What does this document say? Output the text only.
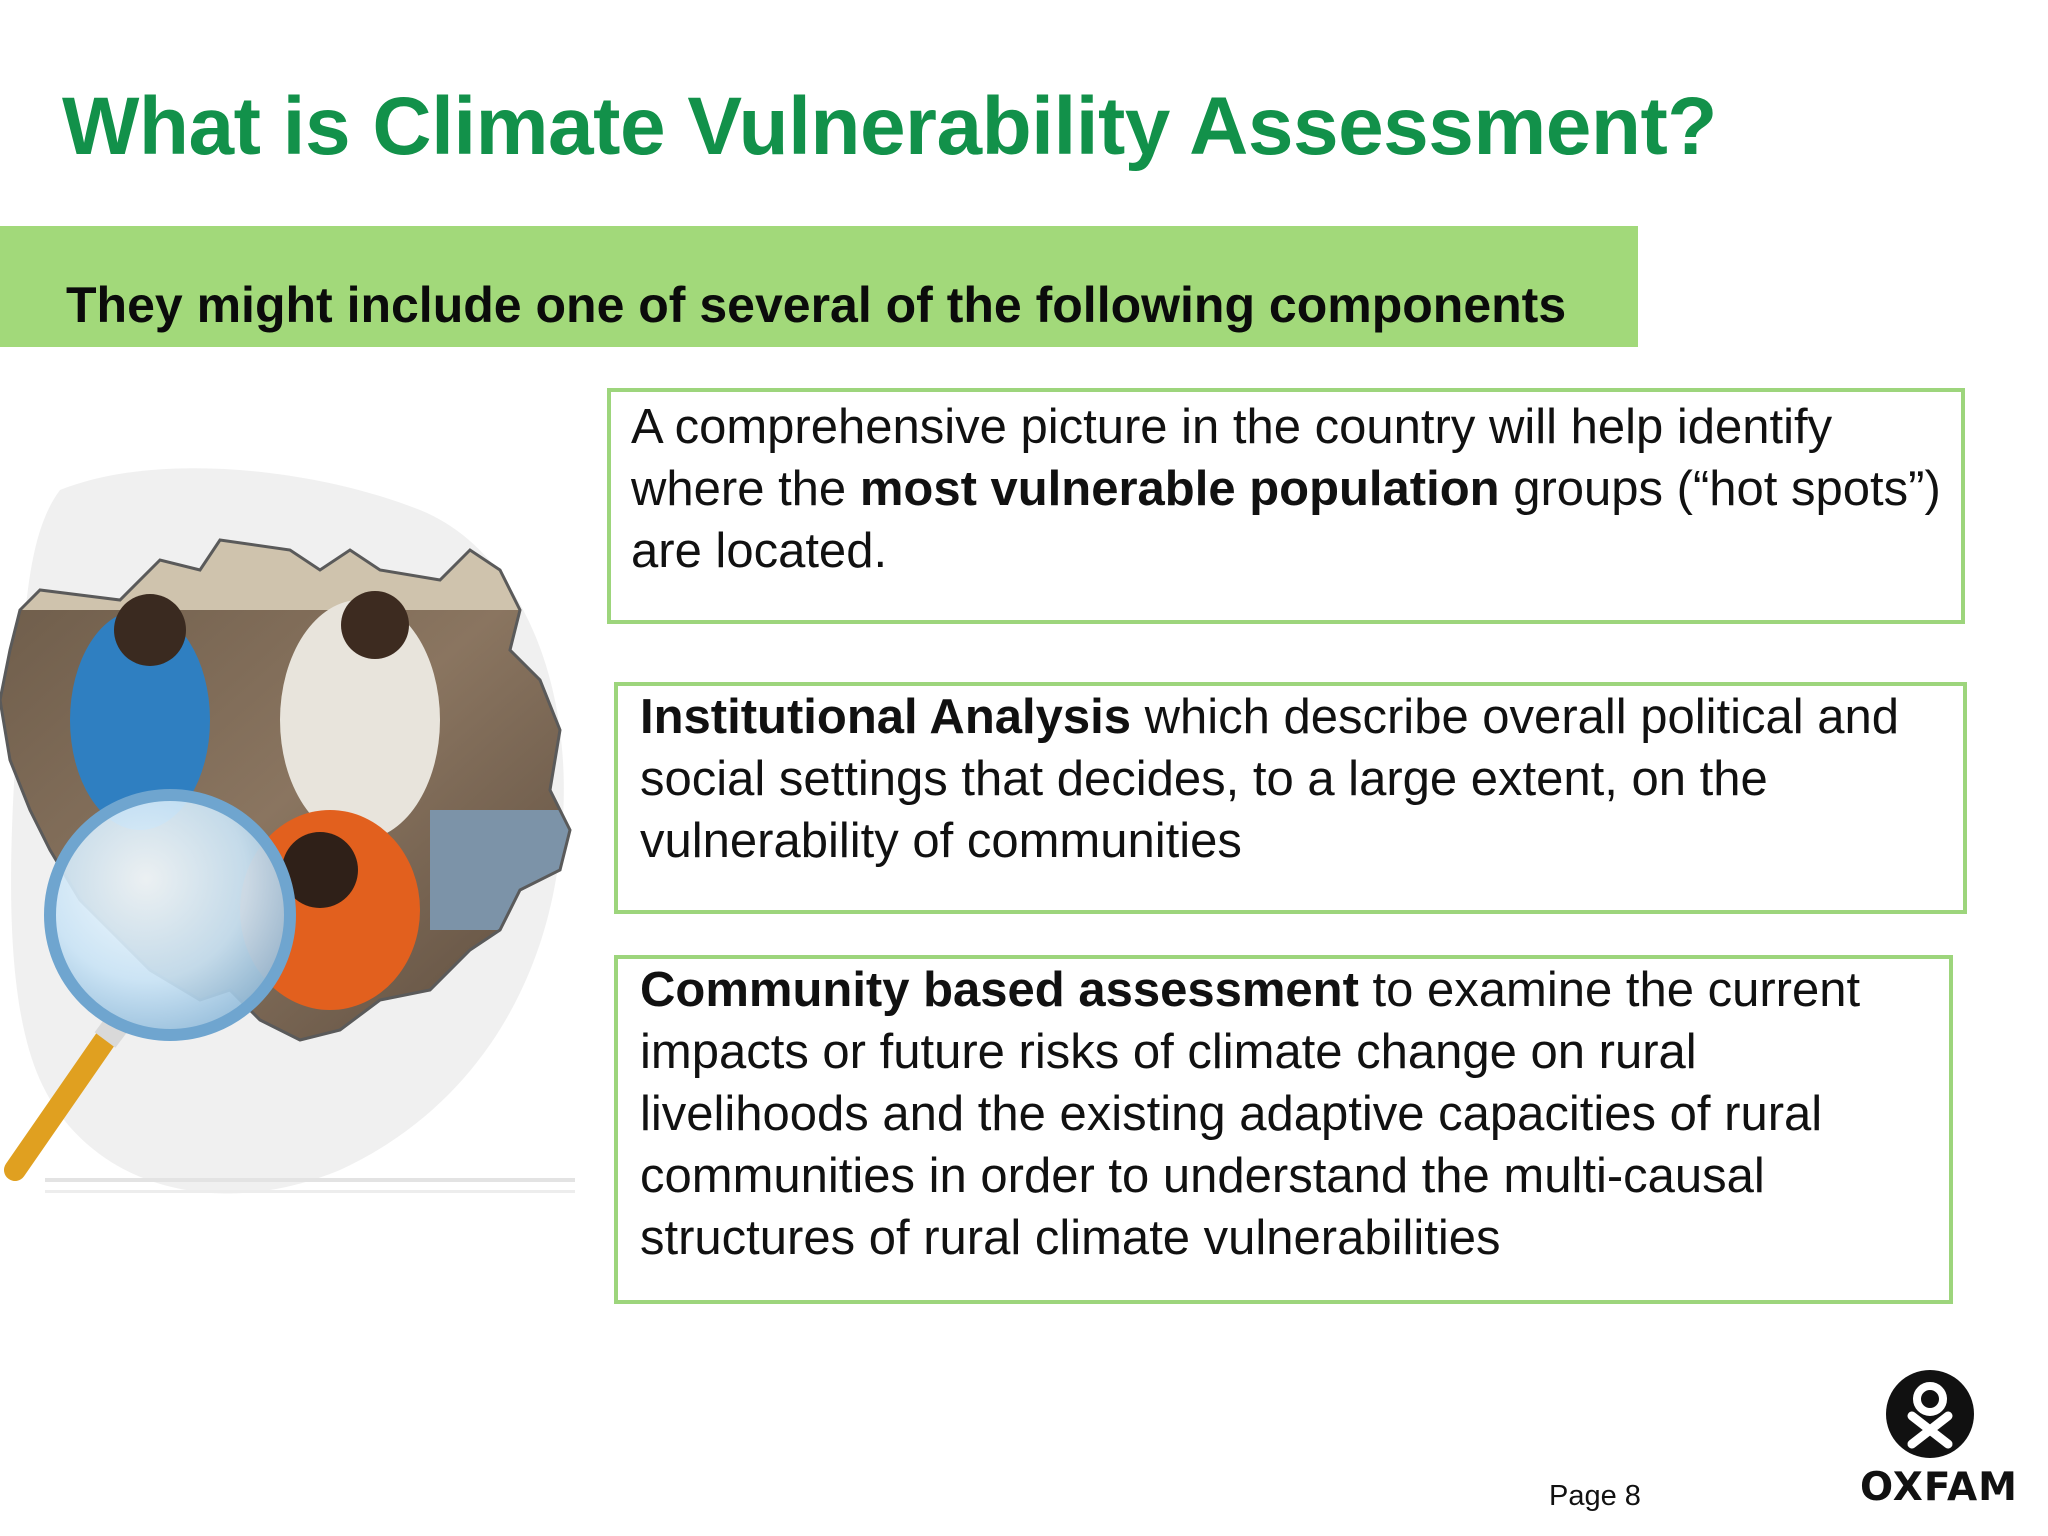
What is Climate Vulnerability Assessment?
They might include one of several of the following components

A comprehensive picture in the country will help identify where the most vulnerable population groups (“hot spots”) are located.

Institutional Analysis which describe overall political and social settings that decides, to a large extent, on the vulnerability of communities

Community based assessment to examine the current impacts or future risks of climate change on rural livelihoods and the existing adaptive capacities of rural communities in order to understand the multi-causal structures of rural climate vulnerabilities

Page 8	OXFAM
